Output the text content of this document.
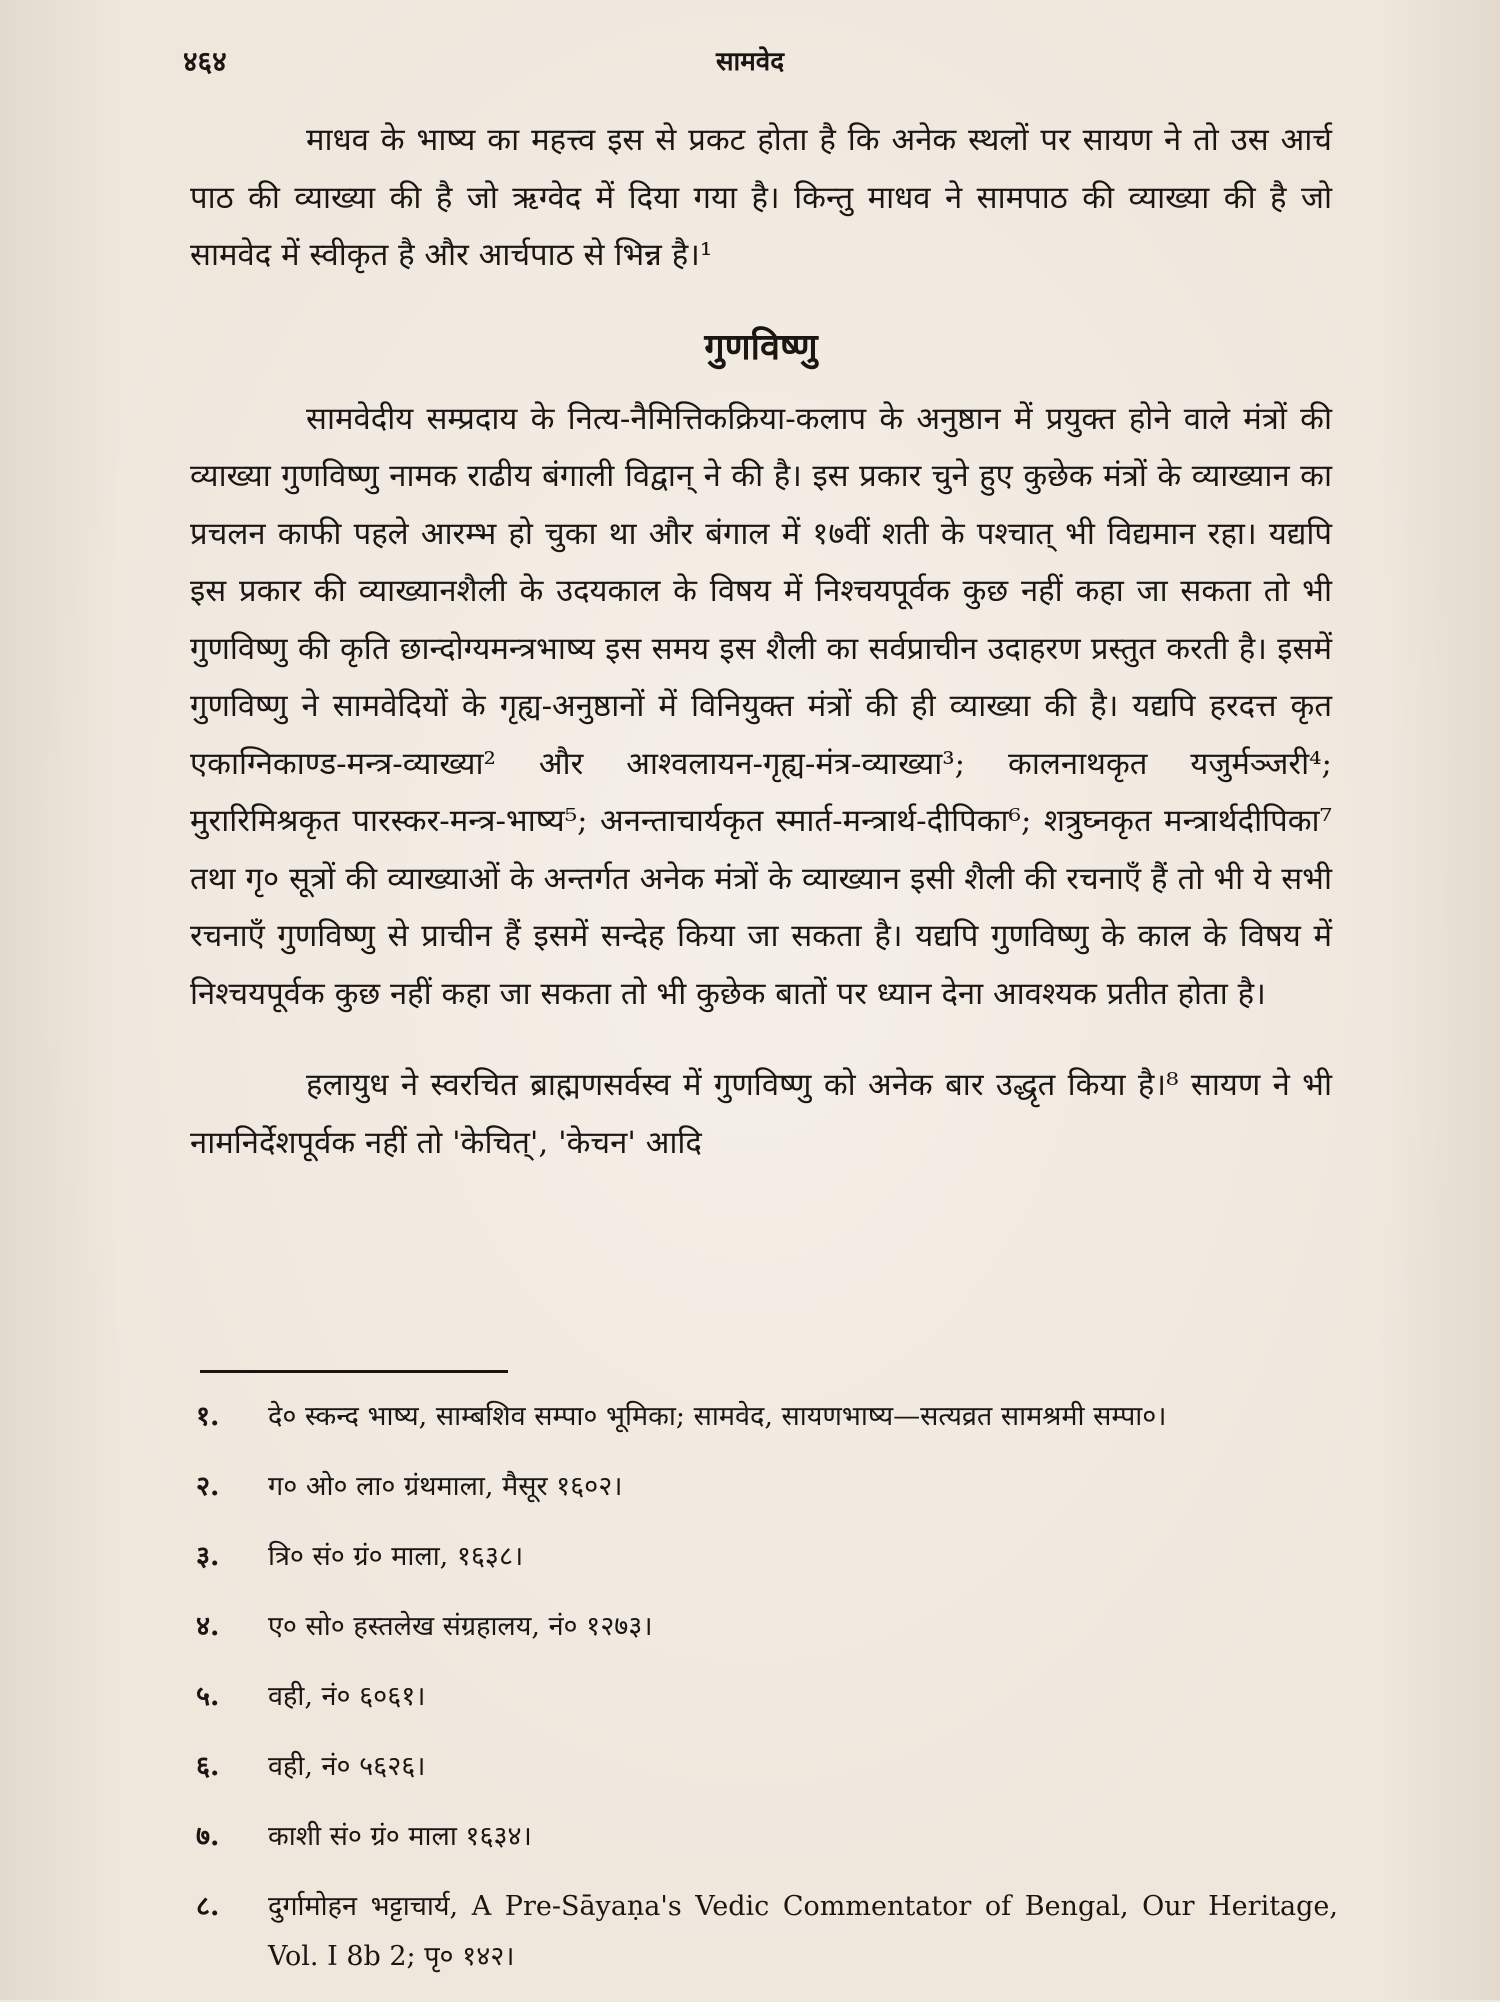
४६४	सामवेद

माधव के भाष्य का महत्त्व इस से प्रकट होता है कि अनेक स्थलों पर सायण ने तो उस आर्च पाठ की व्याख्या की है जो ऋग्वेद में दिया गया है। किन्तु माधव ने सामपाठ की व्याख्या की है जो सामवेद में स्वीकृत है और आर्चपाठ से भिन्न है।¹

गुणविष्णु

सामवेदीय सम्प्रदाय के नित्य-नैमित्तिकक्रिया-कलाप के अनुष्ठान में प्रयुक्त होने वाले मंत्रों की व्याख्या गुणविष्णु नामक राढीय बंगाली विद्वान् ने की है। इस प्रकार चुने हुए कुछेक मंत्रों के व्याख्यान का प्रचलन काफी पहले आरम्भ हो चुका था और बंगाल में १७वीं शती के पश्चात् भी विद्यमान रहा। यद्यपि इस प्रकार की व्याख्यानशैली के उदयकाल के विषय में निश्चयपूर्वक कुछ नहीं कहा जा सकता तो भी गुणविष्णु की कृति छान्दोग्यमन्त्रभाष्य इस समय इस शैली का सर्वप्राचीन उदाहरण प्रस्तुत करती है। इसमें गुणविष्णु ने सामवेदियों के गृह्य-अनुष्ठानों में विनियुक्त मंत्रों की ही व्याख्या की है। यद्यपि हरदत्त कृत एकाग्निकाण्ड-मन्त्र-व्याख्या² और आश्वलायन-गृह्य-मंत्र-व्याख्या³; कालनाथकृत यजुर्मञ्जरी⁴; मुरारिमिश्रकृत पारस्कर-मन्त्र-भाष्य⁵; अनन्ताचार्यकृत स्मार्त-मन्त्रार्थ-दीपिका⁶; शत्रुघ्नकृत मन्त्रार्थदीपिका⁷ तथा गृ० सूत्रों की व्याख्याओं के अन्तर्गत अनेक मंत्रों के व्याख्यान इसी शैली की रचनाएँ हैं तो भी ये सभी रचनाएँ गुणविष्णु से प्राचीन हैं इसमें सन्देह किया जा सकता है। यद्यपि गुणविष्णु के काल के विषय में निश्चयपूर्वक कुछ नहीं कहा जा सकता तो भी कुछेक बातों पर ध्यान देना आवश्यक प्रतीत होता है।

हलायुध ने स्वरचित ब्राह्मणसर्वस्व में गुणविष्णु को अनेक बार उद्धृत किया है।⁸ सायण ने भी नामनिर्देशपूर्वक नहीं तो 'केचित्', 'केचन' आदि

१.	दे० स्कन्द भाष्य, साम्बशिव सम्पा० भूमिका; सामवेद, सायणभाष्य—सत्यव्रत सामश्रमी सम्पा०।
२.	ग० ओ० ला० ग्रंथमाला, मैसूर १६०२।
३.	त्रि० सं० ग्रं० माला, १६३८।
४.	ए० सो० हस्तलेख संग्रहालय, नं० १२७३।
५.	वही, नं० ६०६१।
६.	वही, नं० ५६२६।
७.	काशी सं० ग्रं० माला १६३४।
८.	दुर्गामोहन भट्टाचार्य, A Pre-Sāyaṇa's Vedic Commentator of Bengal, Our Heritage, Vol. I 8b 2; पृ० १४२।
